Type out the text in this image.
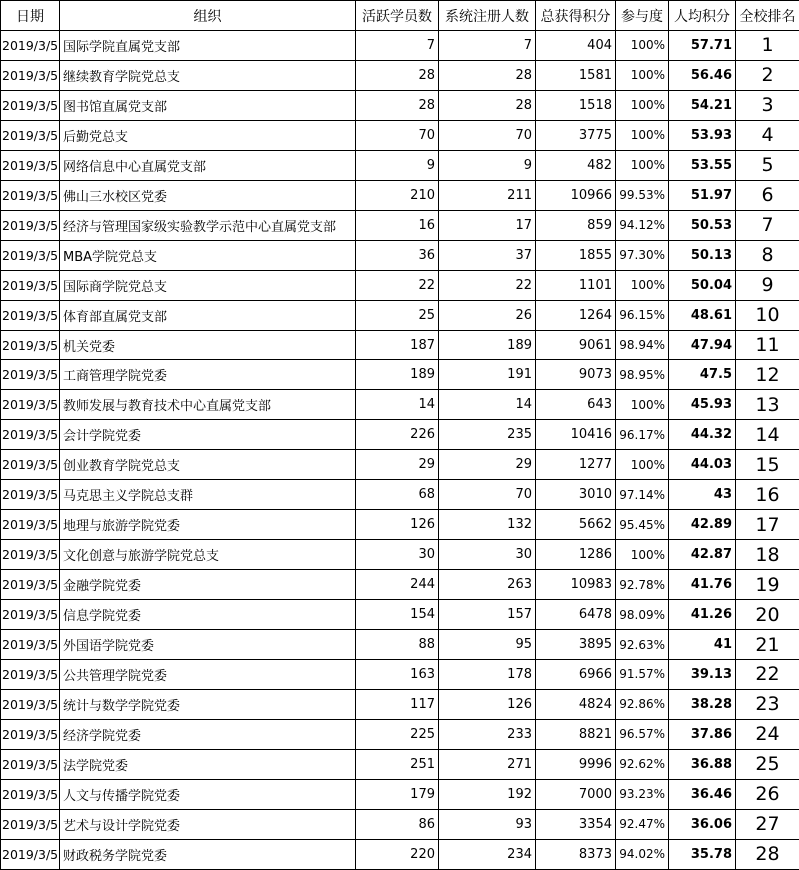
日期	组织	活跃学员数	系统注册人数	总获得积分	参与度	人均积分	全校排名
2019/3/5	国际学院直属党支部	7	7	404	100%	57.71	1
2019/3/5	继续教育学院党总支	28	28	1581	100%	56.46	2
2019/3/5	图书馆直属党支部	28	28	1518	100%	54.21	3
2019/3/5	后勤党总支	70	70	3775	100%	53.93	4
2019/3/5	网络信息中心直属党支部	9	9	482	100%	53.55	5
2019/3/5	佛山三水校区党委	210	211	10966	99.53%	51.97	6
2019/3/5	经济与管理国家级实验教学示范中心直属党支部	16	17	859	94.12%	50.53	7
2019/3/5	MBA学院党总支	36	37	1855	97.30%	50.13	8
2019/3/5	国际商学院党总支	22	22	1101	100%	50.04	9
2019/3/5	体育部直属党支部	25	26	1264	96.15%	48.61	10
2019/3/5	机关党委	187	189	9061	98.94%	47.94	11
2019/3/5	工商管理学院党委	189	191	9073	98.95%	47.5	12
2019/3/5	教师发展与教育技术中心直属党支部	14	14	643	100%	45.93	13
2019/3/5	会计学院党委	226	235	10416	96.17%	44.32	14
2019/3/5	创业教育学院党总支	29	29	1277	100%	44.03	15
2019/3/5	马克思主义学院总支群	68	70	3010	97.14%	43	16
2019/3/5	地理与旅游学院党委	126	132	5662	95.45%	42.89	17
2019/3/5	文化创意与旅游学院党总支	30	30	1286	100%	42.87	18
2019/3/5	金融学院党委	244	263	10983	92.78%	41.76	19
2019/3/5	信息学院党委	154	157	6478	98.09%	41.26	20
2019/3/5	外国语学院党委	88	95	3895	92.63%	41	21
2019/3/5	公共管理学院党委	163	178	6966	91.57%	39.13	22
2019/3/5	统计与数学学院党委	117	126	4824	92.86%	38.28	23
2019/3/5	经济学院党委	225	233	8821	96.57%	37.86	24
2019/3/5	法学院党委	251	271	9996	92.62%	36.88	25
2019/3/5	人文与传播学院党委	179	192	7000	93.23%	36.46	26
2019/3/5	艺术与设计学院党委	86	93	3354	92.47%	36.06	27
2019/3/5	财政税务学院党委	220	234	8373	94.02%	35.78	28
